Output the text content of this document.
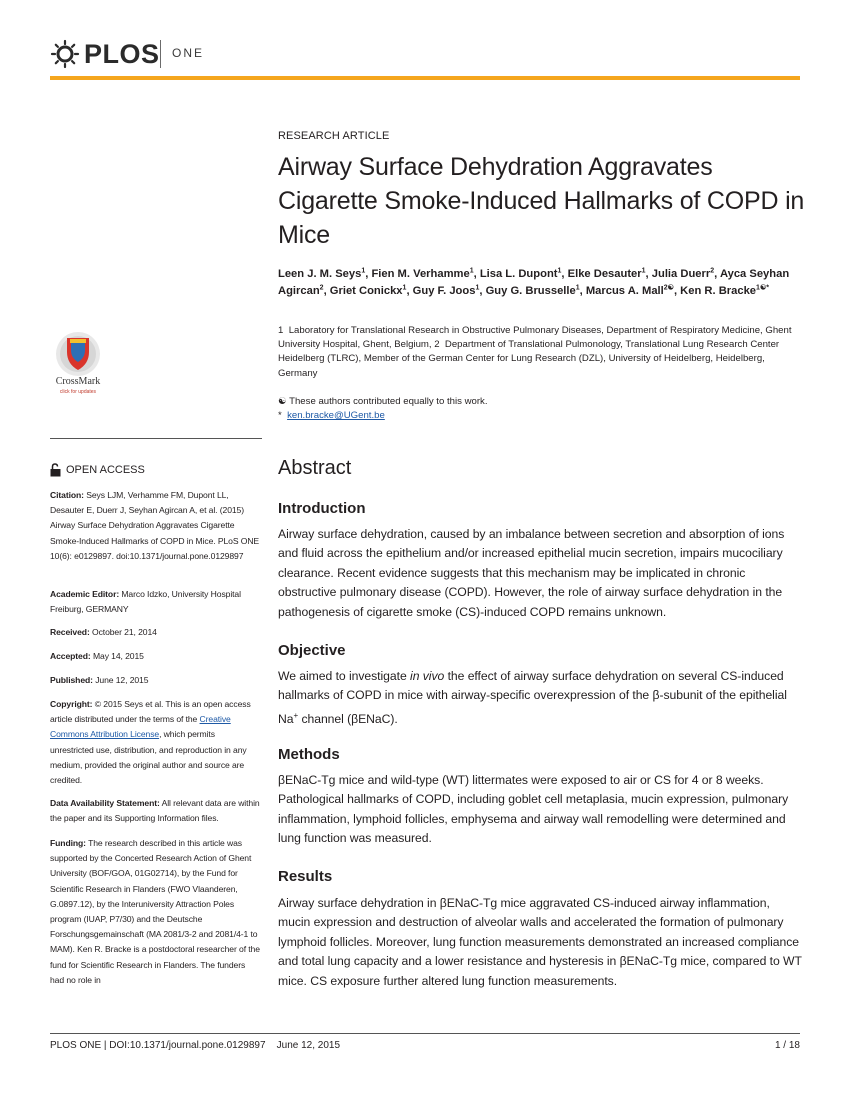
PLOS ONE
CrossMark
click for updates
OPEN ACCESS
Citation: Seys LJM, Verhamme FM, Dupont LL, Desauter E, Duerr J, Seyhan Agircan A, et al. (2015) Airway Surface Dehydration Aggravates Cigarette Smoke-Induced Hallmarks of COPD in Mice. PLoS ONE 10(6): e0129897. doi:10.1371/journal.pone.0129897
Academic Editor: Marco Idzko, University Hospital Freiburg, GERMANY
Received: October 21, 2014
Accepted: May 14, 2015
Published: June 12, 2015
Copyright: © 2015 Seys et al. This is an open access article distributed under the terms of the Creative Commons Attribution License, which permits unrestricted use, distribution, and reproduction in any medium, provided the original author and source are credited.
Data Availability Statement: All relevant data are within the paper and its Supporting Information files.
Funding: The research described in this article was supported by the Concerted Research Action of Ghent University (BOF/GOA, 01G02714), by the Fund for Scientific Research in Flanders (FWO Vlaanderen, G.0897.12), by the Interuniversity Attraction Poles program (IUAP, P7/30) and the Deutsche Forschungsgemainschaft (MA 2081/3-2 and 2081/4-1 to MAM). Ken R. Bracke is a postdoctoral researcher of the fund for Scientific Research in Flanders. The funders had no role in
RESEARCH ARTICLE
Airway Surface Dehydration Aggravates Cigarette Smoke-Induced Hallmarks of COPD in Mice
Leen J. M. Seys$^1$, Fien M. Verhamme$^1$, Lisa L. Dupont$^1$, Elke Desauter$^1$, Julia Duerr$^2$, Ayca Seyhan Agircan$^2$, Griet Conickx$^1$, Guy F. Joos$^1$, Guy G. Brusselle$^1$, Marcus A. Mall$^{2☯}$, Ken R. Bracke$^{1☯*}$
1 Laboratory for Translational Research in Obstructive Pulmonary Diseases, Department of Respiratory Medicine, Ghent University Hospital, Ghent, Belgium, 2 Department of Translational Pulmonology, Translational Lung Research Center Heidelberg (TLRC), Member of the German Center for Lung Research (DZL), University of Heidelberg, Heidelberg, Germany
☯ These authors contributed equally to this work.
* ken.bracke@UGent.be
Abstract
Introduction

Airway surface dehydration, caused by an imbalance between secretion and absorption of ions and fluid across the epithelium and/or increased epithelial mucin secretion, impairs mucociliary clearance. Recent evidence suggests that this mechanism may be implicated in chronic obstructive pulmonary disease (COPD). However, the role of airway surface dehydration in the pathogenesis of cigarette smoke (CS)-induced COPD remains unknown.

Objective

We aimed to investigate in vivo the effect of airway surface dehydration on several CS-induced hallmarks of COPD in mice with airway-specific overexpression of the β-subunit of the epithelial Na+ channel (βENaC).

Methods

βENaC-Tg mice and wild-type (WT) littermates were exposed to air or CS for 4 or 8 weeks. Pathological hallmarks of COPD, including goblet cell metaplasia, mucin expression, pulmonary inflammation, lymphoid follicles, emphysema and airway wall remodelling were determined and lung function was measured.

Results

Airway surface dehydration in βENaC-Tg mice aggravated CS-induced airway inflammation, mucin expression and destruction of alveolar walls and accelerated the formation of pulmonary lymphoid follicles. Moreover, lung function measurements demonstrated an increased compliance and total lung capacity and a lower resistance and hysteresis in βENaC-Tg mice, compared to WT mice. CS exposure further altered lung function measurements.

PLOS ONE | DOI:10.1371/journal.pone.0129897    June 12, 2015	1 / 18
